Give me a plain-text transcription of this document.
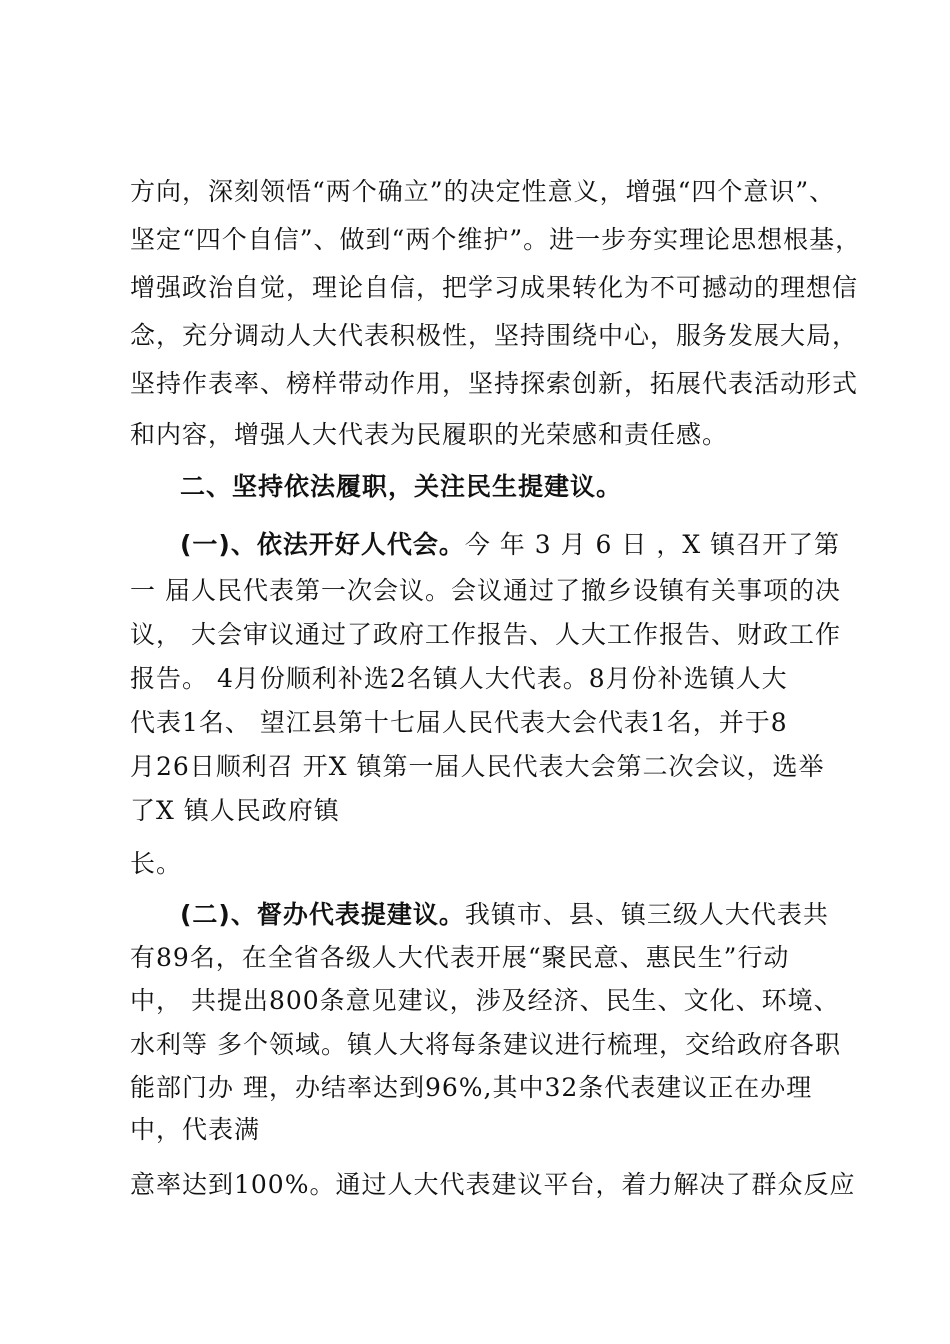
方向，深刻领悟“两个确立”的决定性意义，增强“四个意识”、
坚定“四个自信”、做到“两个维护”。进一步夯实理论思想根基，
增强政治自觉，理论自信，把学习成果转化为不可撼动的理想信
念，充分调动人大代表积极性，坚持围绕中心，服务发展大局，
坚持作表率、榜样带动作用，坚持探索创新，拓展代表活动形式
和内容，增强人大代表为民履职的光荣感和责任感。
二、坚持依法履职，关注民生提建议。
(一)、依法开好人代会。今 年 3 月 6 日 ，X 镇召开了第
一 届人民代表第一次会议。会议通过了撤乡设镇有关事项的决
议， 大会审议通过了政府工作报告、人大工作报告、财政工作
报告。 4月份顺利补选2名镇人大代表。8月份补选镇人大
代表1名、 望江县第十七届人民代表大会代表1名，并于8
月26日顺利召 开X 镇第一届人民代表大会第二次会议，选举
了X 镇人民政府镇
长。
(二)、督办代表提建议。我镇市、县、镇三级人大代表共
有89名，在全省各级人大代表开展“聚民意、惠民生”行动
中， 共提出800条意见建议，涉及经济、民生、文化、环境、
水利等 多个领域。镇人大将每条建议进行梳理，交给政府各职
能部门办 理，办结率达到96%,其中32条代表建议正在办理
中，代表满
意率达到100%。通过人大代表建议平台，着力解决了群众反应
